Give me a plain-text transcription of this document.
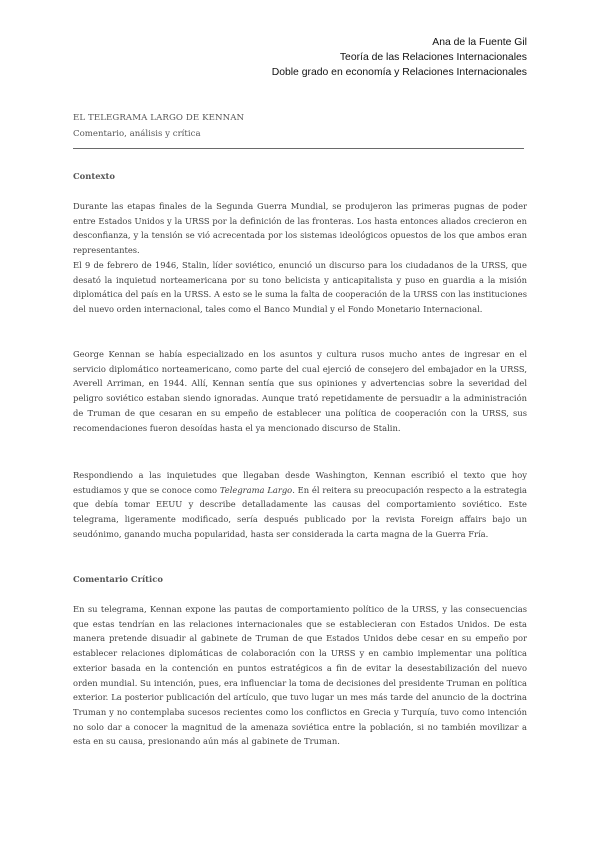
Ana de la Fuente Gil
Teoría de las Relaciones Internacionales
Doble grado en economía y Relaciones Internacionales
EL TELEGRAMA LARGO DE KENNAN
Comentario, análisis y crítica
Contexto

Durante las etapas finales de la Segunda Guerra Mundial, se produjeron las primeras pugnas de poder entre Estados Unidos y la URSS por la definición de las fronteras. Los hasta entonces aliados crecieron en desconfianza, y la tensión se vió acrecentada por los sistemas ideológicos opuestos de los que ambos eran representantes.

El 9 de febrero de 1946, Stalin, líder soviético, enunció un discurso para los ciudadanos de la URSS, que desató la inquietud norteamericana por su tono belicista y anticapitalista y puso en guardia a la misión diplomática del país en la URSS. A esto se le suma la falta de cooperación de la URSS con las instituciones del nuevo orden internacional, tales como el Banco Mundial y el Fondo Monetario Internacional.

George Kennan se había especializado en los asuntos y cultura rusos mucho antes de ingresar en el servicio diplomático norteamericano, como parte del cual ejerció de consejero del embajador en la URSS, Averell Arriman, en 1944. Allí, Kennan sentía que sus opiniones y advertencias sobre la severidad del peligro soviético estaban siendo ignoradas. Aunque trató repetidamente de persuadir a la administración de Truman de que cesaran en su empeño de establecer una política de cooperación con la URSS, sus recomendaciones fueron desoídas hasta el ya mencionado discurso de Stalin.

Respondiendo a las inquietudes que llegaban desde Washington, Kennan escribió el texto que hoy estudiamos y que se conoce como Telegrama Largo. En él reitera su preocupación respecto a la estrategia que debía tomar EEUU y describe detalladamente las causas del comportamiento soviético. Este telegrama, ligeramente modificado, sería después publicado por la revista Foreign affairs bajo un seudónimo, ganando mucha popularidad, hasta ser considerada la carta magna de la Guerra Fría.

Comentario Crítico

En su telegrama, Kennan expone las pautas de comportamiento político de la URSS, y las consecuencias que estas tendrían en las relaciones internacionales que se establecieran con Estados Unidos. De esta manera pretende disuadir al gabinete de Truman de que Estados Unidos debe cesar en su empeño por establecer relaciones diplomáticas de colaboración con la URSS y en cambio implementar una política exterior basada en la contención en puntos estratégicos a fin de evitar la desestabilización del nuevo orden mundial. Su intención, pues, era influenciar la toma de decisiones del presidente Truman en política exterior. La posterior publicación del artículo, que tuvo lugar un mes más tarde del anuncio de la doctrina Truman y no contemplaba sucesos recientes como los conflictos en Grecia y Turquía, tuvo como intención no solo dar a conocer la magnitud de la amenaza soviética entre la población, si no también movilizar a esta en su causa, presionando aún más al gabinete de Truman.
